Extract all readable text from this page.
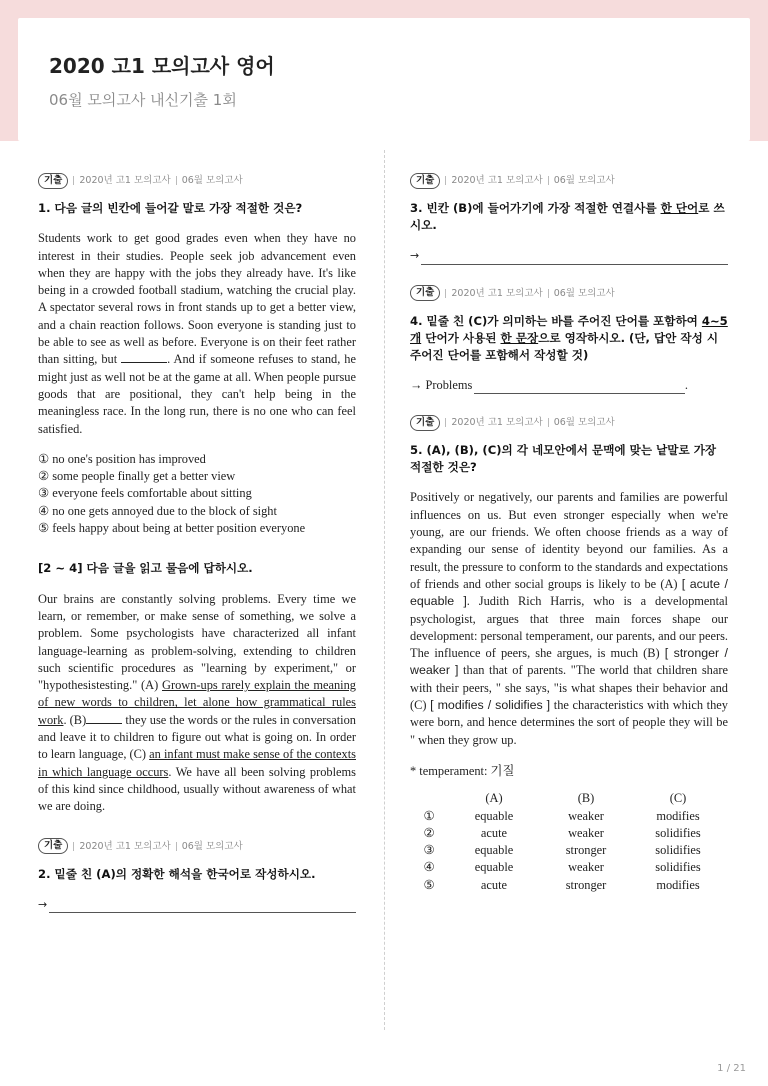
2020 고1 모의고사 영어
06월 모의고사 내신기출 1회
기출	2020년 고1 모의고사 06월 모의고사

1. 다음 글의 빈칸에 들어갈 말로 가장 적절한 것은?

Students work to get good grades even when they have no interest in their studies. People seek job advancement even when they are happy with the jobs they already have. It's like being in a crowded football stadium, watching the crucial play. A spectator several rows in front stands up to get a better view, and a chain reaction follows. Soon everyone is standing just to be able to see as well as before. Everyone is on their feet rather than sitting, but	. And if someone refuses to stand, he might just as well not be at the game at all. When people pursue goods that are positional, they can't help being in the meaningless race. In the long run, there is no one who can feel satisfied.

① no one's position has improved
② some people finally get a better view
③ everyone feels comfortable about sitting
④ no one gets annoyed due to the block of sight
⑤ feels happy about being at better position everyone
[2 ~ 4] 다음 글을 읽고 물음에 답하시오.

Our brains are constantly solving problems. Every time we learn, or remember, or make sense of something, we solve a problem. Some psychologists have characterized all infant language-learning as problem-solving, extending to children such scientific procedures as "learning by experiment," or "hypothesistesting." (A) Grown-ups rarely explain the meaning of new words to children, let alone how grammatical rules work. (B)	they use the words or the rules in conversation and leave it to children to figure out what is going on. In order to learn language, (C) an infant must make sense of the contexts in which language occurs. We have all been solving problems of this kind since childhood, usually without awareness of what we are doing.

기출	2020년 고1 모의고사 06월 모의고사

2. 밑줄 친 (A)의 정확한 해석을 한국어로 작성하시오.

→
기출	2020년 고1 모의고사 06월 모의고사

3. 빈칸 (B)에 들어가기에 가장 적절한 연결사를 한 단어로 쓰시오.

→
기출	2020년 고1 모의고사 06월 모의고사

4. 밑줄 친 (C)가 의미하는 바를 주어진 단어를 포함하여 4~5개 단어가 사용된 한 문장으로 영작하시오. (단, 답안 작성 시 주어진 단어를 포함해서 작성할 것)

→ Problems	.
기출	2020년 고1 모의고사 06월 모의고사

5. (A), (B), (C)의 각 네모안에서 문맥에 맞는 낱말로 가장 적절한 것은?

Positively or negatively, our parents and families are powerful influences on us. But even stronger especially when we're young, are our friends. We often choose friends as a way of expanding our sense of identity beyond our families. As a result, the pressure to conform to the standards and expectations of friends and other social groups is likely to be (A) [ acute / equable ]. Judith Rich Harris, who is a developmental psychologist, argues that three main forces shape our development: personal temperament, our parents, and our peers. The influence of peers, she argues, is much (B) [ stronger / weaker ] than that of parents. "The world that children share with their peers, " she says, "is what shapes their behavior and (C) [ modifies / solidifies ] the characteristics with which they were born, and hence determines the sort of people they will be " when they grow up.

* temperament: 기질
	(A)	(B)	(C)
①	equable	weaker	modifies
②	acute	weaker	solidifies
③	equable	stronger	solidifies
④	equable	weaker	solidifies
⑤	acute	stronger	modifies
1 / 21
